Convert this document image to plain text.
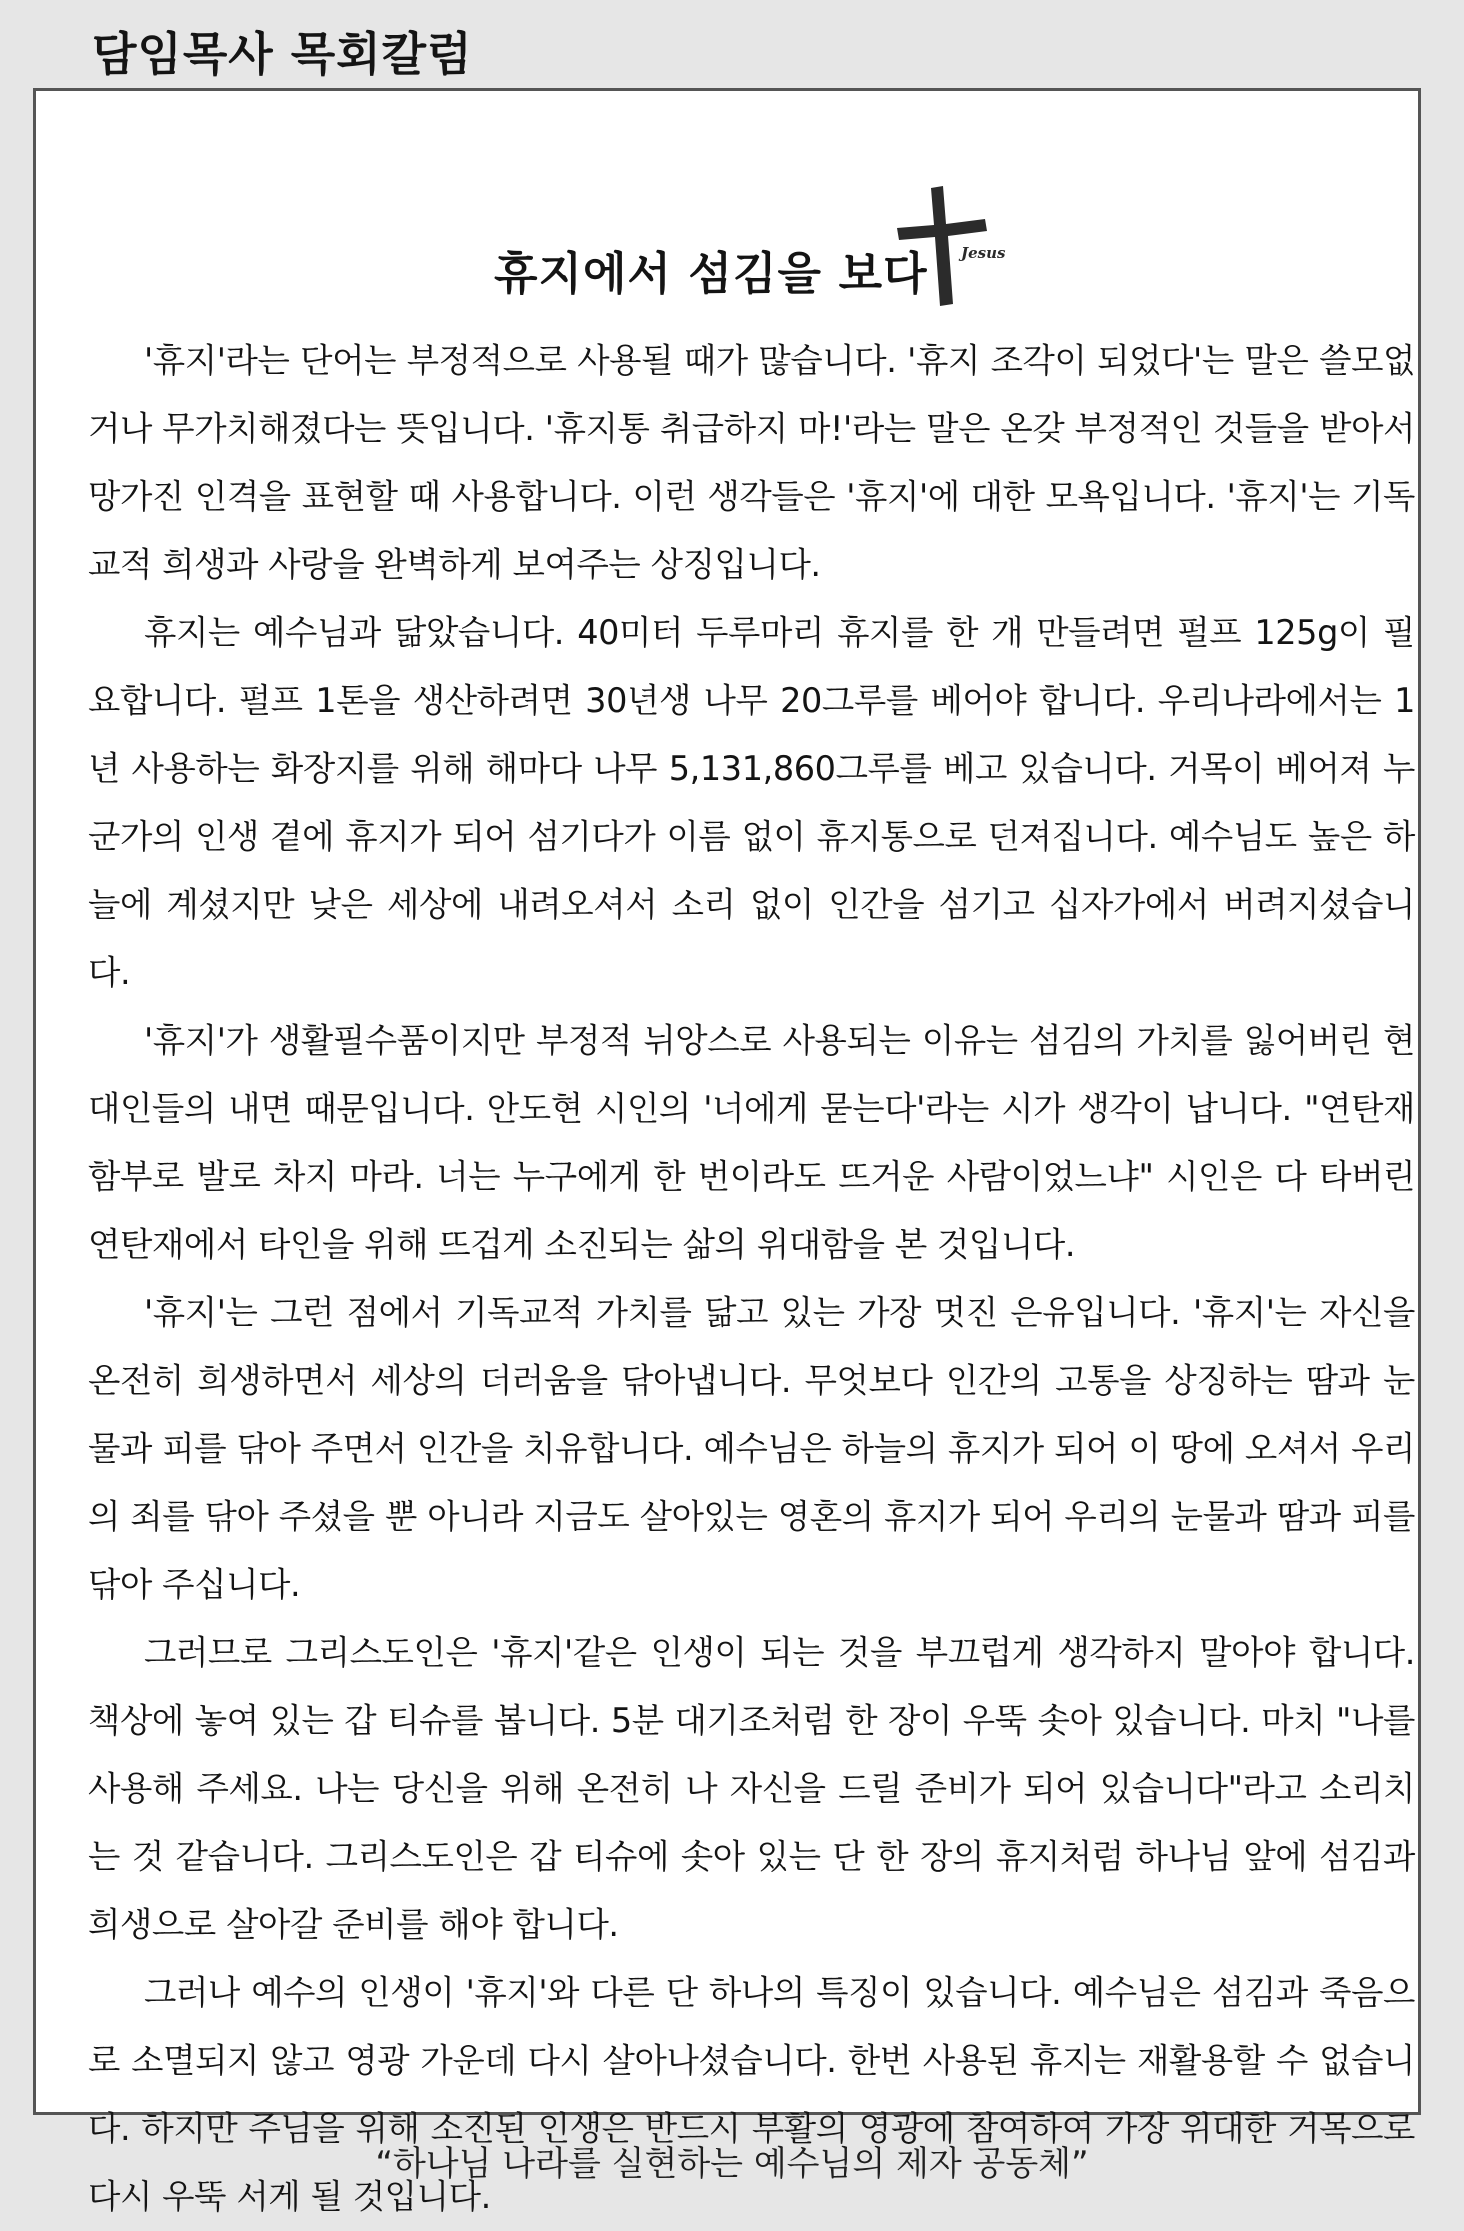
담임목사 목회칼럼
휴지에서 섬김을 보다 Jesus

'휴지'라는 단어는 부정적으로 사용될 때가 많습니다. '휴지 조각이 되었다'는 말은 쓸모없거나 무가치해졌다는 뜻입니다. '휴지통 취급하지 마!'라는 말은 온갖 부정적인 것들을 받아서 망가진 인격을 표현할 때 사용합니다. 이런 생각들은 '휴지'에 대한 모욕입니다. '휴지'는 기독교적 희생과 사랑을 완벽하게 보여주는 상징입니다.

휴지는 예수님과 닮았습니다. 40미터 두루마리 휴지를 한 개 만들려면 펄프 125g이 필요합니다. 펄프 1톤을 생산하려면 30년생 나무 20그루를 베어야 합니다. 우리나라에서는 1년 사용하는 화장지를 위해 해마다 나무 5,131,860그루를 베고 있습니다. 거목이 베어져 누군가의 인생 곁에 휴지가 되어 섬기다가 이름 없이 휴지통으로 던져집니다. 예수님도 높은 하늘에 계셨지만 낮은 세상에 내려오셔서 소리 없이 인간을 섬기고 십자가에서 버려지셨습니다.

'휴지'가 생활필수품이지만 부정적 뉘앙스로 사용되는 이유는 섬김의 가치를 잃어버린 현대인들의 내면 때문입니다. 안도현 시인의 '너에게 묻는다'라는 시가 생각이 납니다. "연탄재 함부로 발로 차지 마라. 너는 누구에게 한 번이라도 뜨거운 사람이었느냐" 시인은 다 타버린 연탄재에서 타인을 위해 뜨겁게 소진되는 삶의 위대함을 본 것입니다.

'휴지'는 그런 점에서 기독교적 가치를 닮고 있는 가장 멋진 은유입니다. '휴지'는 자신을 온전히 희생하면서 세상의 더러움을 닦아냅니다. 무엇보다 인간의 고통을 상징하는 땀과 눈물과 피를 닦아 주면서 인간을 치유합니다. 예수님은 하늘의 휴지가 되어 이 땅에 오셔서 우리의 죄를 닦아 주셨을 뿐 아니라 지금도 살아있는 영혼의 휴지가 되어 우리의 눈물과 땀과 피를 닦아 주십니다.

그러므로 그리스도인은 '휴지'같은 인생이 되는 것을 부끄럽게 생각하지 말아야 합니다. 책상에 놓여 있는 갑 티슈를 봅니다. 5분 대기조처럼 한 장이 우뚝 솟아 있습니다. 마치 "나를 사용해 주세요. 나는 당신을 위해 온전히 나 자신을 드릴 준비가 되어 있습니다"라고 소리치는 것 같습니다. 그리스도인은 갑 티슈에 솟아 있는 단 한 장의 휴지처럼 하나님 앞에 섬김과 희생으로 살아갈 준비를 해야 합니다.

그러나 예수의 인생이 '휴지'와 다른 단 하나의 특징이 있습니다. 예수님은 섬김과 죽음으로 소멸되지 않고 영광 가운데 다시 살아나셨습니다. 한번 사용된 휴지는 재활용할 수 없습니다. 하지만 주님을 위해 소진된 인생은 반드시 부활의 영광에 참여하여 가장 위대한 거목으로 다시 우뚝 서게 될 것입니다.

“하나님 나라를 실현하는 예수님의 제자 공동체”
